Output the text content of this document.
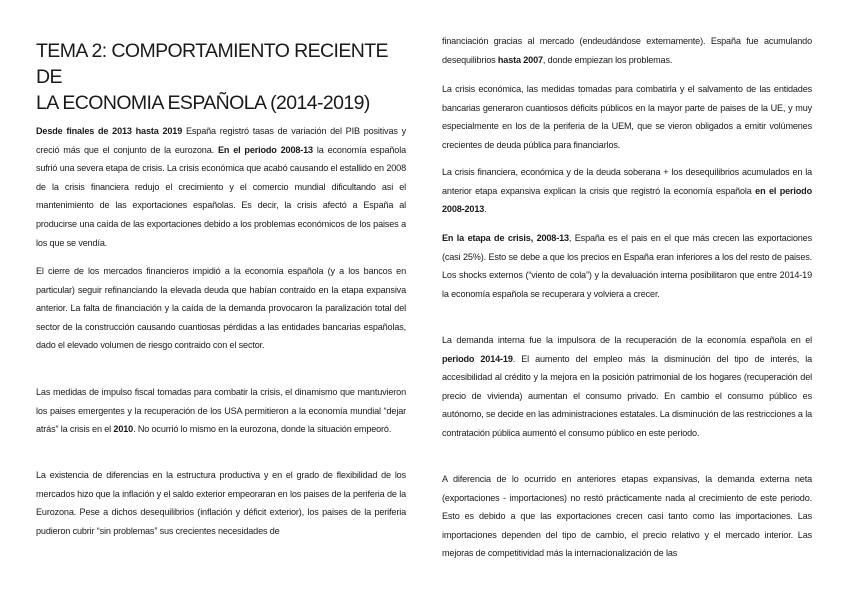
TEMA 2: COMPORTAMIENTO RECIENTE DE
LA ECONOMIA ESPAÑOLA (2014-2019)

Desde finales de 2013 hasta 2019 España registró tasas de variación del PIB positivas y creció más que el conjunto de la eurozona. En el periodo 2008-13 la economía española sufrió una severa etapa de crisis. La crisis económica que acabó causando el estallido en 2008 de la crisis financiera redujo el crecimiento y el comercio mundial dificultando asi el mantenimiento de las exportaciones españolas. Es decir, la crisis afectó a España al producirse una caída de las exportaciones debido a los problemas económicos de los paises a los que se vendía.

El cierre de los mercados financieros impidió a la economía española (y a los bancos en particular) seguir refinanciando la elevada deuda que habían contraido en la etapa expansiva anterior. La falta de financiación y la caída de la demanda provocaron la paralización total del sector de la construcción causando cuantiosas pérdidas a las entidades bancarias españolas, dado el elevado volumen de riesgo contraido con el sector.

Las medidas de impulso fiscal tomadas para combatir la crisis, el dinamismo que mantuvieron los paises emergentes y la recuperación de los USA permitieron a la economía mundial “dejar atrás” la crisis en el 2010. No ocurrió lo mismo en la eurozona, donde la situación empeoró.

La existencia de diferencias en la estructura productiva y en el grado de flexibilidad de los mercados hizo que la inflación y el saldo exterior empeoraran en los paises de la periferia de la Eurozona. Pese a dichos desequilibrios (inflación y déficit exterior), los paises de la periferia pudieron cubrir “sin problemas” sus crecientes necesidades de

financiación gracias al mercado (endeudándose externamente). España fue acumulando desequilibrios hasta 2007, donde empiezan los problemas.

La crisis económica, las medidas tomadas para combatirla y el salvamento de las entidades bancarias generaron cuantiosos déficits públicos en la mayor parte de paises de la UE, y muy especialmente en los de la periferia de la UEM, que se vieron obligados a emitir volúmenes crecientes de deuda pública para financiarlos.

La crisis financiera, económica y de la deuda soberana + los desequilibrios acumulados en la anterior etapa expansiva explican la crisis que registró la economía española en el periodo 2008-2013.

En la etapa de crisis, 2008-13, España es el pais en el que más crecen las exportaciones (casi 25%). Esto se debe a que los precios en España eran inferiores a los del resto de paises. Los shocks externos (“viento de cola”) y la devaluación interna posibilitaron que entre 2014-19 la economía española se recuperara y volviera a crecer.

La demanda interna fue la impulsora de la recuperación de la economía española en el periodo 2014-19. El aumento del empleo más la disminución del tipo de interés, la accesibilidad al crédito y la mejora en la posición patrimonial de los hogares (recuperación del precio de vivienda) aumentan el consumo privado. En cambio el consumo público es autónomo, se decide en las administraciones estatales. La disminución de las restricciones a la contratación pública aumentó el consumo público en este periodo.

A diferencia de lo ocurrido en anteriores etapas expansivas, la demanda externa neta (exportaciones - importaciones) no restó prácticamente nada al crecimiento de este periodo. Esto es debido a que las exportaciones crecen casi tanto como las importaciones. Las importaciones dependen del tipo de cambio, el precio relativo y el mercado interior. Las mejoras de competitividad más la internacionalización de las
